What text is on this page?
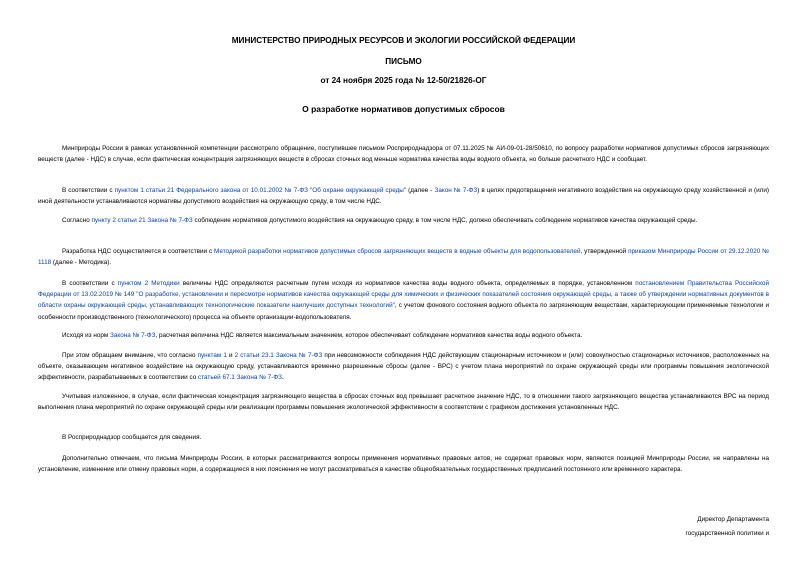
МИНИСТЕРСТВО ПРИРОДНЫХ РЕСУРСОВ И ЭКОЛОГИИ РОССИЙСКОЙ ФЕДЕРАЦИИ
ПИСЬМО
от 24 ноября 2025 года № 12-50/21826-ОГ
О разработке нормативов допустимых сбросов
Минприроды России в рамках установленной компетенции рассмотрело обращение, поступившее письмом Росприроднадзора от 07.11.2025 № АИ-09-01-28/50610, по вопросу разработки нормативов допустимых сбросов загрязняющих веществ (далее - НДС) в случае, если фактическая концентрация загрязняющих веществ в сбросах сточных вод меньше норматива качества воды водного объекта, но больше расчетного НДС и сообщает.
В соответствии с пунктом 1 статьи 21 Федерального закона от 10.01.2002 № 7-ФЗ "Об охране окружающей среды" (далее - Закон № 7-ФЗ) в целях предотвращения негативного воздействия на окружающую среду хозяйственной и (или) иной деятельности устанавливаются нормативы допустимого воздействия на окружающую среду, в том числе НДС.
Согласно пункту 2 статьи 21 Закона № 7-ФЗ соблюдение нормативов допустимого воздействия на окружающую среду, в том числе НДС, должно обеспечивать соблюдение нормативов качества окружающей среды.
Разработка НДС осуществляется в соответствии с Методикой разработки нормативов допустимых сбросов загрязняющих веществ в водные объекты для водопользователей, утвержденной приказом Минприроды России от 29.12.2020 № 1118 (далее - Методика).
В соответствии с пунктом 2 Методики величины НДС определяются расчетным путем исходя из нормативов качества воды водного объекта, определяемых в порядке, установленном постановлением Правительства Российской Федерации от 13.02.2019 № 149 "О разработке, установлении и пересмотре нормативов качества окружающей среды для химических и физических показателей состояния окружающей среды, а также об утверждении нормативных документов в области охраны окружающей среды, устанавливающих технологические показатели наилучших доступных технологий", с учетом фонового состояния водного объекта по загрязняющим веществам, характеризующим применяемые технологии и особенности производственного (технологического) процесса на объекте организации-водопользователя.
Исходя из норм Закона № 7-ФЗ, расчетная величина НДС является максимальным значением, которое обеспечивает соблюдение нормативов качества воды водного объекта.
При этом обращаем внимание, что согласно пунктам 1 и 2 статьи 23.1 Закона № 7-ФЗ при невозможности соблюдения НДС действующим стационарным источником и (или) совокупностью стационарных источников, расположенных на объекте, оказывающем негативное воздействие на окружающую среду, устанавливаются временно разрешенные сбросы (далее - ВРС) с учетом плана мероприятий по охране окружающей среды или программы повышения экологической эффективности, разрабатываемых в соответствии со статьей 67.1 Закона № 7-ФЗ.
Учитывая изложенное, в случае, если фактическая концентрация загрязняющего вещества в сбросах сточных вод превышает расчетное значение НДС, то в отношении такого загрязняющего вещества устанавливаются ВРС на период выполнения плана мероприятий по охране окружающей среды или реализации программы повышения экологической эффективности в соответствии с графиком достижения установленных НДС.
В Росприроднадзор сообщается для сведения.
Дополнительно отмечаем, что письма Минприроды России, в которых рассматриваются вопросы применения нормативных правовых актов, не содержат правовых норм, являются позицией Минприроды России, не направлены на установление, изменение или отмену правовых норм, а содержащиеся в них пояснения не могут рассматриваться в качестве общеобязательных государственных предписаний постоянного или временного характера.
Директор Департамента
государственной политики и
